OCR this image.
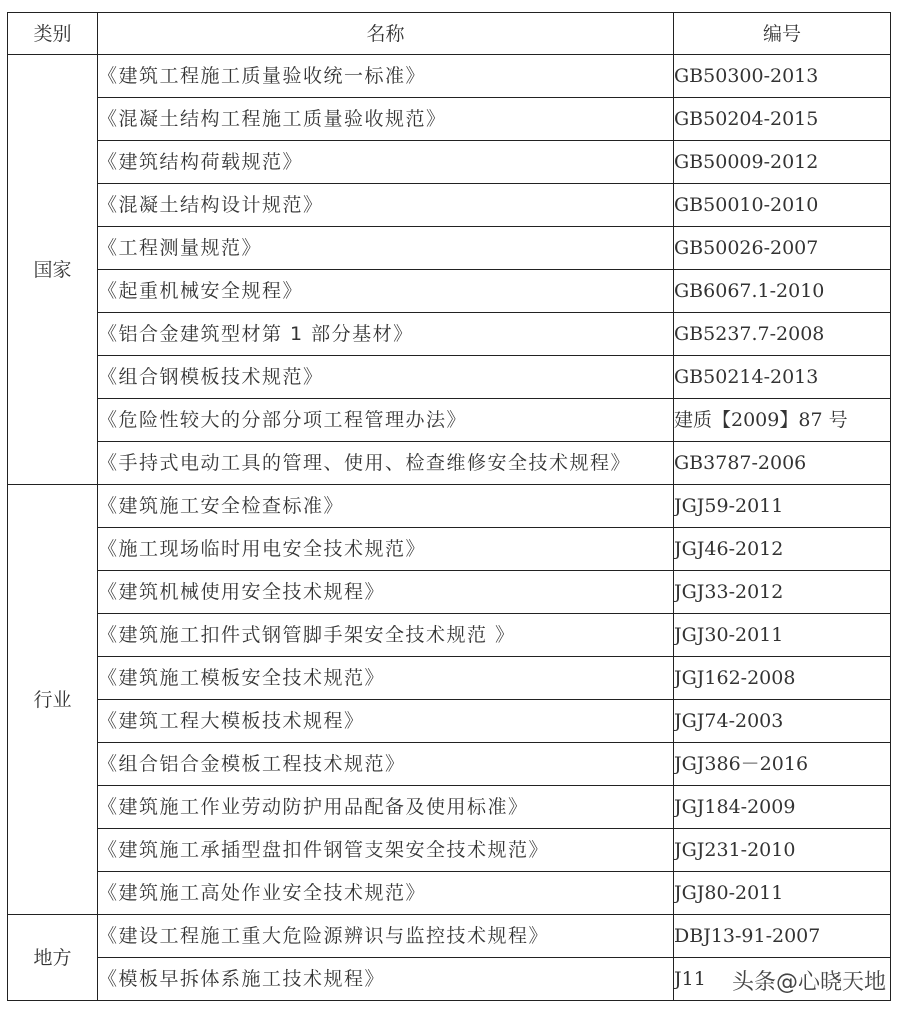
类别	名称	编号
国家	《建筑工程施工质量验收统一标准》	GB50300-2013
	《混凝土结构工程施工质量验收规范》	GB50204-2015
	《建筑结构荷载规范》	GB50009-2012
	《混凝土结构设计规范》	GB50010-2010
	《工程测量规范》	GB50026-2007
	《起重机械安全规程》	GB6067.1-2010
	《铝合金建筑型材第 1 部分基材》	GB5237.7-2008
	《组合钢模板技术规范》	GB50214-2013
	《危险性较大的分部分项工程管理办法》	建质【2009】87 号
	《手持式电动工具的管理、使用、检查维修安全技术规程》	GB3787-2006
行业	《建筑施工安全检查标准》	JGJ59-2011
	《施工现场临时用电安全技术规范》	JGJ46-2012
	《建筑机械使用安全技术规程》	JGJ33-2012
	《建筑施工扣件式钢管脚手架安全技术规范 》	JGJ30-2011
	《建筑施工模板安全技术规范》	JGJ162-2008
	《建筑工程大模板技术规程》	JGJ74-2003
	《组合铝合金模板工程技术规范》	JGJ386－2016
	《建筑施工作业劳动防护用品配备及使用标准》	JGJ184-2009
	《建筑施工承插型盘扣件钢管支架安全技术规范》	JGJ231-2010
	《建筑施工高处作业安全技术规范》	JGJ80-2011
地方	《建设工程施工重大危险源辨识与监控技术规程》	DBJ13-91-2007
	《模板早拆体系施工技术规程》	J11 头条@心晓天地
